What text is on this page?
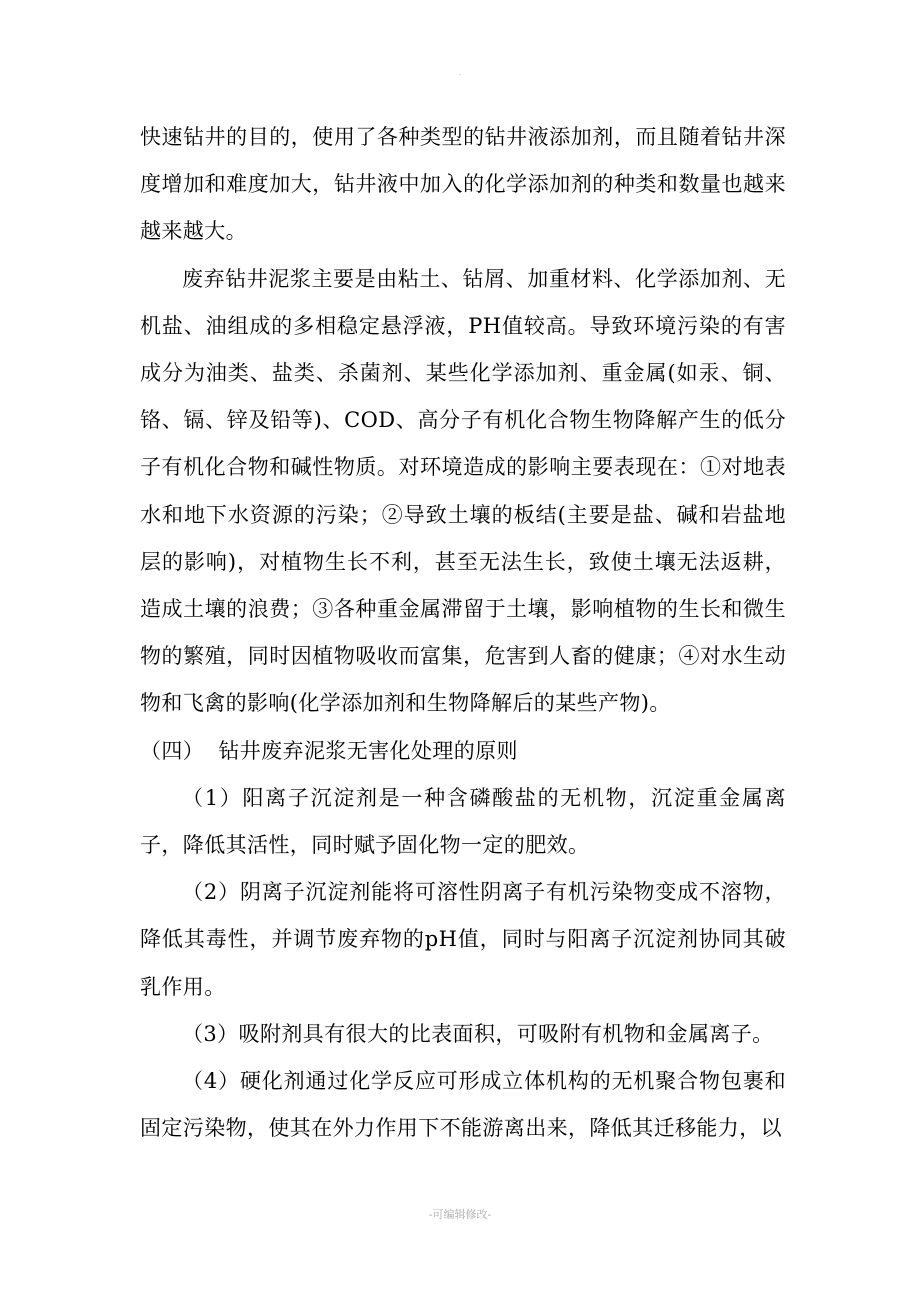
.

快速钻井的目的，使用了各种类型的钻井液添加剂，而且随着钻井深度增加和难度加大，钻井液中加入的化学添加剂的种类和数量也越来越来越大。

废弃钻井泥浆主要是由粘土、钻屑、加重材料、化学添加剂、无机盐、油组成的多相稳定悬浮液，PH值较高。导致环境污染的有害成分为油类、盐类、杀菌剂、某些化学添加剂、重金属(如汞、铜、铬、镉、锌及铅等)、COD、高分子有机化合物生物降解产生的低分子有机化合物和碱性物质。对环境造成的影响主要表现在：①对地表水和地下水资源的污染；②导致土壤的板结(主要是盐、碱和岩盐地层的影响)，对植物生长不利，甚至无法生长，致使土壤无法返耕，造成土壤的浪费；③各种重金属滞留于土壤，影响植物的生长和微生物的繁殖，同时因植物吸收而富集，危害到人畜的健康；④对水生动物和飞禽的影响(化学添加剂和生物降解后的某些产物)。

（四）  钻井废弃泥浆无害化处理的原则

（1）阳离子沉淀剂是一种含磷酸盐的无机物，沉淀重金属离子，降低其活性，同时赋予固化物一定的肥效。

（2）阴离子沉淀剂能将可溶性阴离子有机污染物变成不溶物，降低其毒性，并调节废弃物的pH值，同时与阳离子沉淀剂协同其破乳作用。

（3）吸附剂具有很大的比表面积，可吸附有机物和金属离子。

（4）硬化剂通过化学反应可形成立体机构的无机聚合物包裹和固定污染物，使其在外力作用下不能游离出来，降低其迁移能力，以

-可编辑修改-
